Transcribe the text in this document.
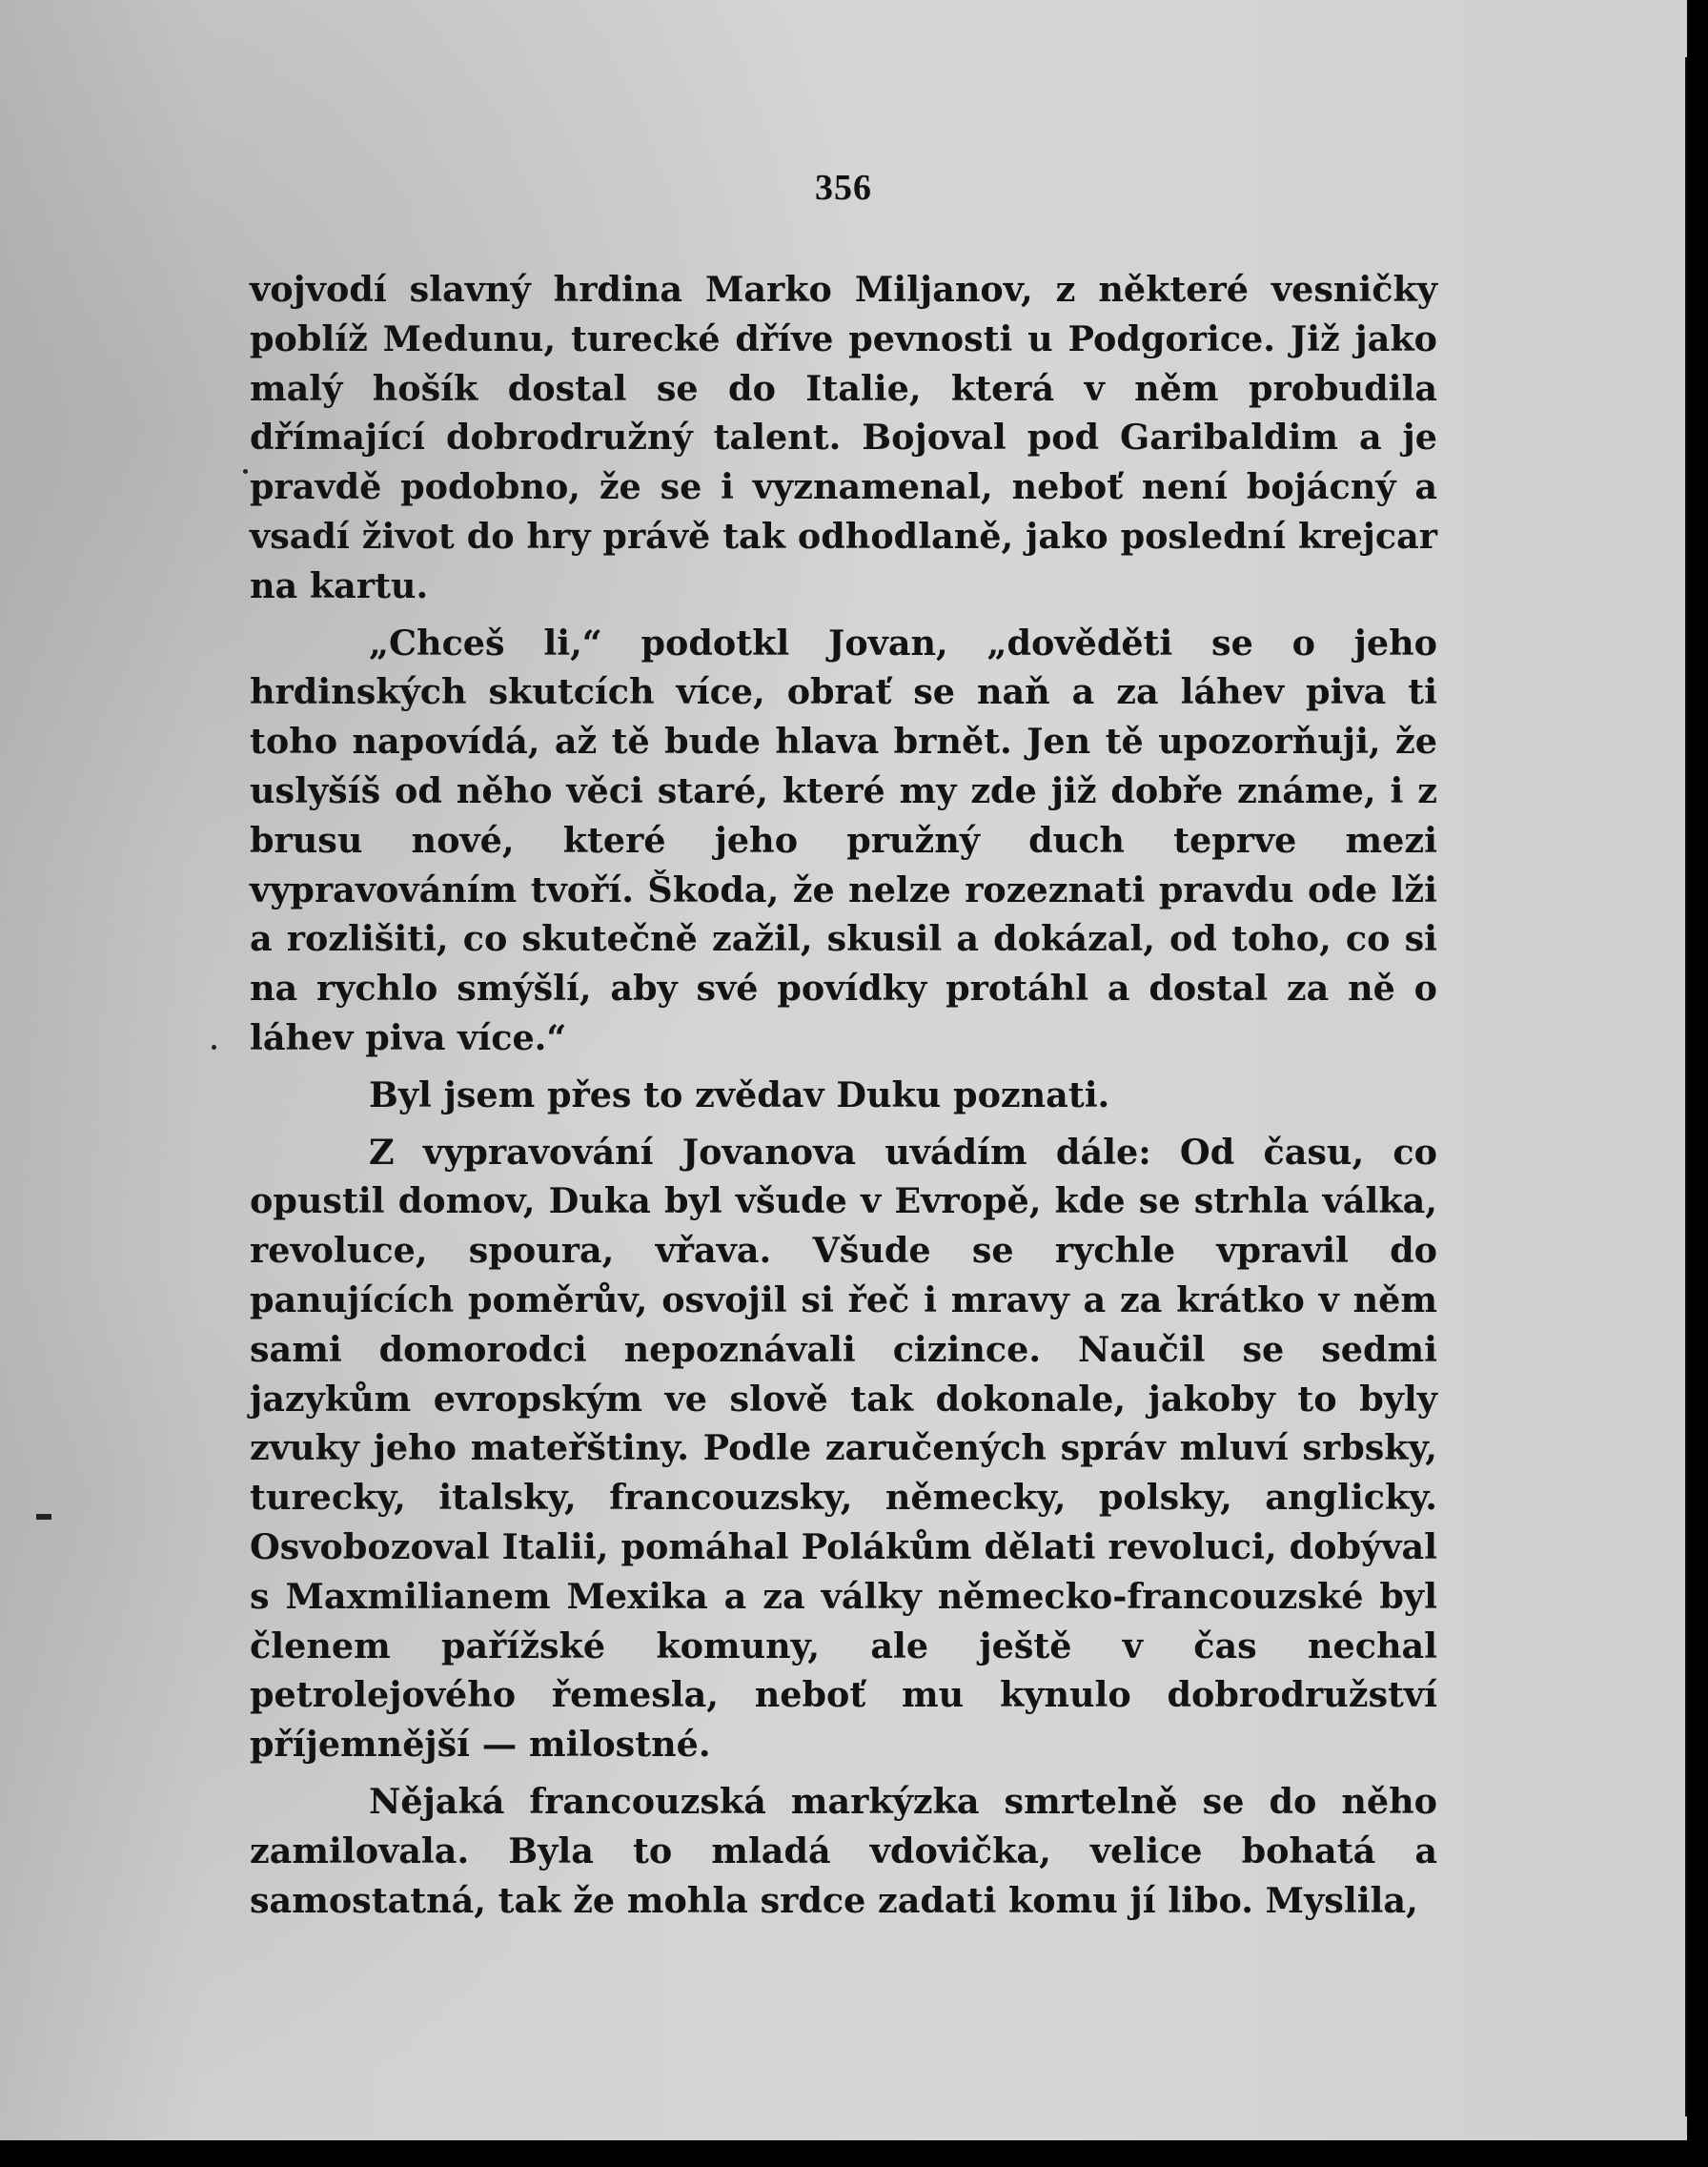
356

vojvodí slavný hrdina Marko Miljanov, z některé vesničky poblíž Medunu, turecké dříve pevnosti u Podgorice. Již jako malý hošík dostal se do Italie, která v něm probudila dřímající dobrodružný talent. Bojoval pod Garibaldim a je pravdě podobno, že se i vyznamenal, neboť není bojácný a vsadí život do hry právě tak odhodlaně, jako poslední krejcar na kartu.

„Chceš li,“ podotkl Jovan, „dověděti se o jeho hrdinských skutcích více, obrať se naň a za láhev piva ti toho napovídá, až tě bude hlava brnět. Jen tě upozorňuji, že uslyšíš od něho věci staré, které my zde již dobře známe, i z brusu nové, které jeho pružný duch teprve mezi vypravováním tvoří. Škoda, že nelze rozeznati pravdu ode lži a rozlišiti, co skutečně zažil, skusil a dokázal, od toho, co si na rychlo smýšlí, aby své povídky protáhl a dostal za ně o láhev piva více.“

Byl jsem přes to zvědav Duku poznati.

Z vypravování Jovanova uvádím dále: Od času, co opustil domov, Duka byl všude v Evropě, kde se strhla válka, revoluce, spoura, vřava. Všude se rychle vpravil do panujících poměrův, osvojil si řeč i mravy a za krátko v něm sami domorodci nepoznávali cizince. Naučil se sedmi jazykům evropským ve slově tak dokonale, jakoby to byly zvuky jeho mateřštiny. Podle zaručených správ mluví srbsky, turecky, italsky, francouzsky, německy, polsky, anglicky. Osvobozoval Italii, pomáhal Polákům dělati revoluci, dobýval s Maxmilianem Mexika a za války německo-francouzské byl členem pařížské komuny, ale ještě v čas nechal petrolejového řemesla, neboť mu kynulo dobrodružství příjemnější — milostné.

Nějaká francouzská markýzka smrtelně se do něho zamilovala. Byla to mladá vdovička, velice bohatá a samostatná, tak že mohla srdce zadati komu jí libo. Myslila,
